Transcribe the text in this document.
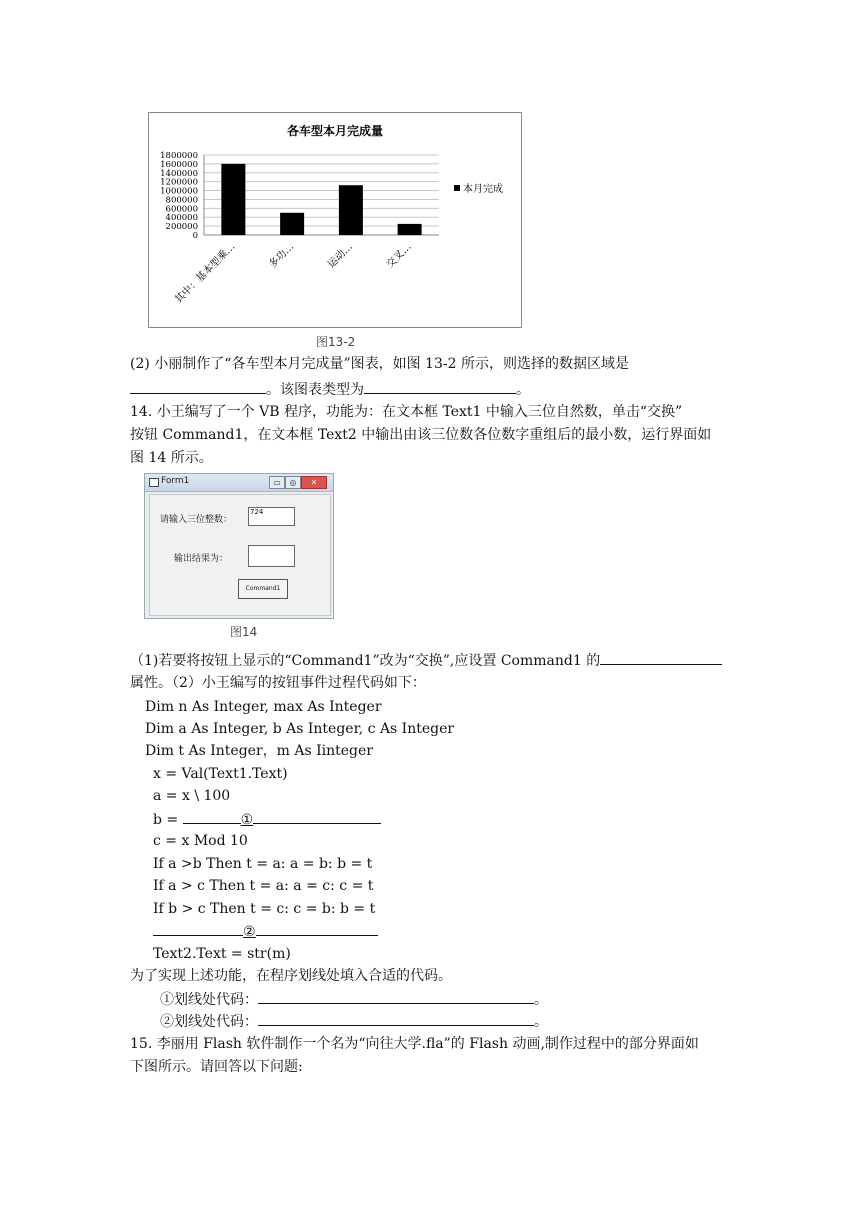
各车型本月完成量
1800000
1600000
1400000
1200000
1000000
800000
600000
400000
200000
0
其中：基本型乘…	多功…	运动…	交叉…
本月完成
图13-2
(2) 小丽制作了“各车型本月完成量”图表，如图 13-2 所示，则选择的数据区域是
。该图表类型为	。
14. 小王编写了一个 VB 程序，功能为：在文本框 Text1 中输入三位自然数，单击“交换”
按钮 Command1，在文本框 Text2 中输出由该三位数各位数字重组后的最小数，运行界面如
图 14 所示。
Form1	▭	◎	✕
请输入三位整数：
724
输出结果为：
Command1
图14
（1)若要将按钮上显示的“Command1”改为“交换”,应设置 Command1 的
属性。（2）小王编写的按钮事件过程代码如下：
Dim n As Integer, max As Integer
Dim a As Integer, b As Integer, c As Integer
Dim t As Integer，m As Iinteger
x = Val(Text1.Text)
a = x \ 100
b =	①
c = x Mod 10
If a >b Then t = a: a = b: b = t
If a > c Then t = a: a = c: c = t
If b > c Then t = c: c = b: b = t
②
Text2.Text = str(m)
为了实现上述功能，在程序划线处填入合适的代码。
①划线处代码：	。
②划线处代码：	。
15. 李丽用 Flash 软件制作一个名为“向往大学.fla”的 Flash 动画,制作过程中的部分界面如
下图所示。请回答以下问题:
